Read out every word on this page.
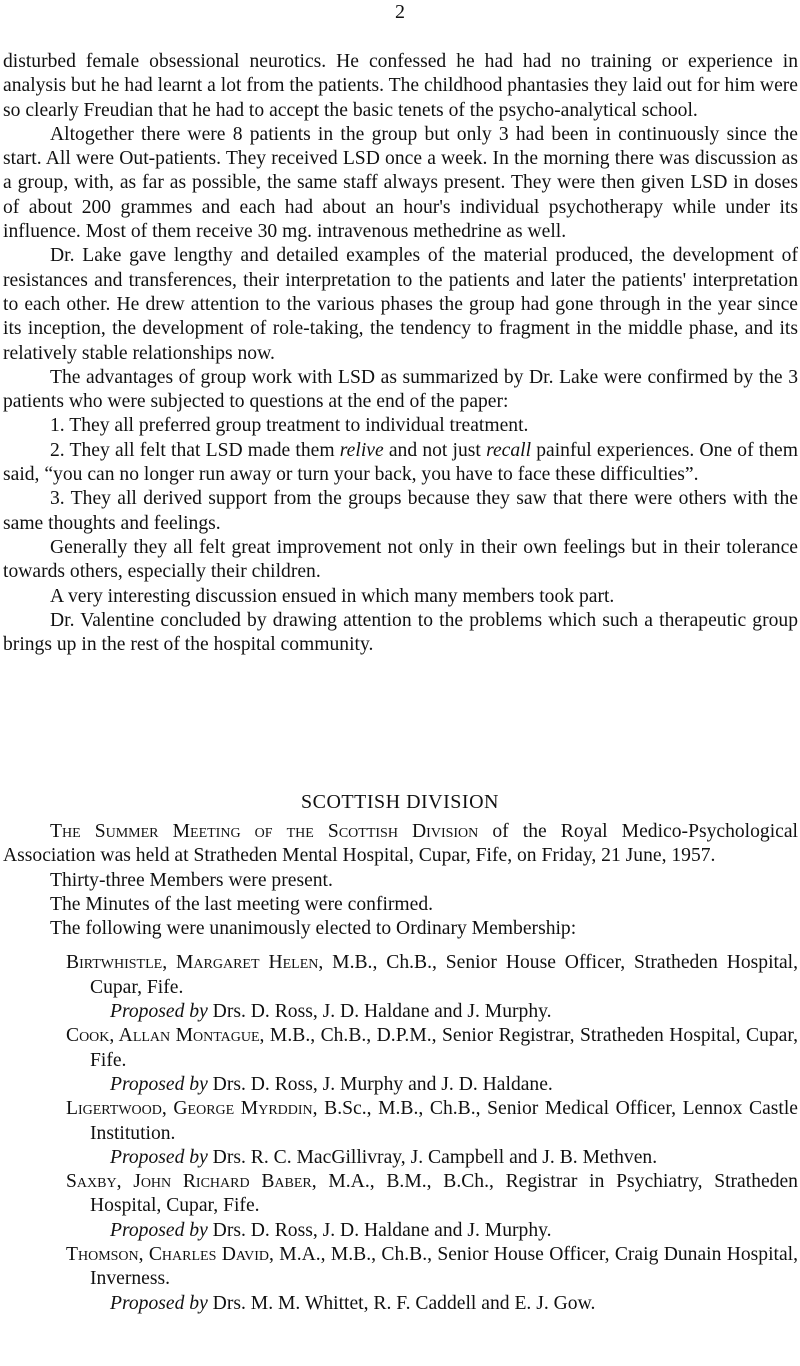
2

disturbed female obsessional neurotics. He confessed he had had no training or experience in analysis but he had learnt a lot from the patients. The childhood phantasies they laid out for him were so clearly Freudian that he had to accept the basic tenets of the psycho-analytical school.

Altogether there were 8 patients in the group but only 3 had been in continuously since the start. All were Out-patients. They received LSD once a week. In the morning there was discussion as a group, with, as far as possible, the same staff always present. They were then given LSD in doses of about 200 grammes and each had about an hour's individual psychotherapy while under its influence. Most of them receive 30 mg. intravenous methedrine as well.

Dr. Lake gave lengthy and detailed examples of the material produced, the development of resistances and transferences, their interpretation to the patients and later the patients' interpretation to each other. He drew attention to the various phases the group had gone through in the year since its inception, the development of role-taking, the tendency to fragment in the middle phase, and its relatively stable relationships now.

The advantages of group work with LSD as summarized by Dr. Lake were confirmed by the 3 patients who were subjected to questions at the end of the paper:

1. They all preferred group treatment to individual treatment.

2. They all felt that LSD made them relive and not just recall painful experiences. One of them said, “you can no longer run away or turn your back, you have to face these difficulties”.

3. They all derived support from the groups because they saw that there were others with the same thoughts and feelings.

Generally they all felt great improvement not only in their own feelings but in their tolerance towards others, especially their children.

A very interesting discussion ensued in which many members took part.

Dr. Valentine concluded by drawing attention to the problems which such a therapeutic group brings up in the rest of the hospital community.

SCOTTISH DIVISION

The Summer Meeting of the Scottish Division of the Royal Medico-Psychological Association was held at Stratheden Mental Hospital, Cupar, Fife, on Friday, 21 June, 1957.

Thirty-three Members were present.

The Minutes of the last meeting were confirmed.

The following were unanimously elected to Ordinary Membership:

Birtwhistle, Margaret Helen, M.B., Ch.B., Senior House Officer, Stratheden Hospital, Cupar, Fife.
Proposed by Drs. D. Ross, J. D. Haldane and J. Murphy.

Cook, Allan Montague, M.B., Ch.B., D.P.M., Senior Registrar, Stratheden Hospital, Cupar, Fife.
Proposed by Drs. D. Ross, J. Murphy and J. D. Haldane.

Ligertwood, George Myrddin, B.Sc., M.B., Ch.B., Senior Medical Officer, Lennox Castle Institution.
Proposed by Drs. R. C. MacGillivray, J. Campbell and J. B. Methven.

Saxby, John Richard Baber, M.A., B.M., B.Ch., Registrar in Psychiatry, Stratheden Hospital, Cupar, Fife.
Proposed by Drs. D. Ross, J. D. Haldane and J. Murphy.

Thomson, Charles David, M.A., M.B., Ch.B., Senior House Officer, Craig Dunain Hospital, Inverness.
Proposed by Drs. M. M. Whittet, R. F. Caddell and E. J. Gow.
